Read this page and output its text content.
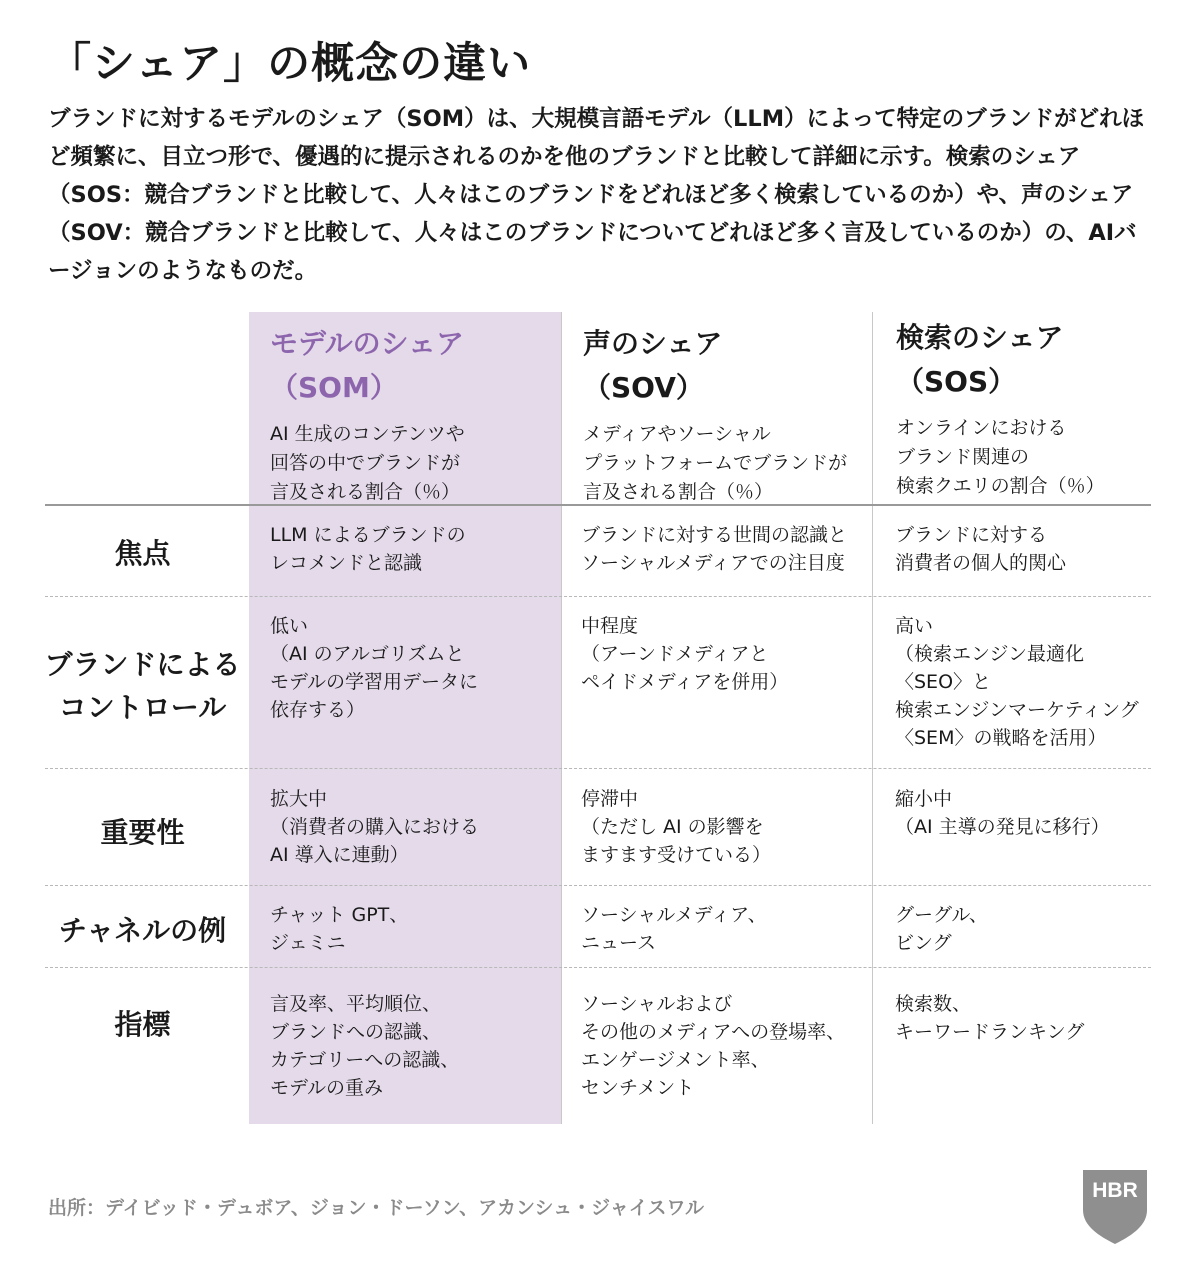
「シェア」の概念の違い

ブランドに対するモデルのシェア（SOM）は、大規模言語モデル（LLM）によって特定のブランドがどれほど頻繁に、目立つ形で、優遇的に提示されるのかを他のブランドと比較して詳細に示す。検索のシェア（SOS：競合ブランドと比較して、人々はこのブランドをどれほど多く検索しているのか）や、声のシェア（SOV：競合ブランドと比較して、人々はこのブランドについてどれほど多く言及しているのか）の、AIバージョンのようなものだ。

モデルのシェア

（SOM）

AI 生成のコンテンツや
回答の中でブランドが
言及される割合（％）

声のシェア

（SOV）

メディアやソーシャル
プラットフォームでブランドが
言及される割合（％）

検索のシェア

（SOS）

オンラインにおける
ブランド関連の
検索クエリの割合（％）

焦点
LLM によるブランドの
レコメンドと認識
ブランドに対する世間の認識と
ソーシャルメディアでの注目度
ブランドに対する
消費者の個人的関心
ブランドによる
コントロール
低い
（AI のアルゴリズムと
モデルの学習用データに
依存する）
中程度
（アーンドメディアと
ペイドメディアを併用）
高い
（検索エンジン最適化
〈SEO〉と
検索エンジンマーケティング
〈SEM〉の戦略を活用）
重要性
拡大中
（消費者の購入における
AI 導入に連動）
停滞中
（ただし AI の影響を
ますます受けている）
縮小中
（AI 主導の発見に移行）
チャネルの例	チャット GPT、
ジェミニ
ソーシャルメディア、
ニュース
グーグル、
ビング
指標
言及率、平均順位、
ブランドへの認識、
カテゴリーへの認識、
モデルの重み
ソーシャルおよび
その他のメディアへの登場率、
エンゲージメント率、
センチメント
検索数、
キーワードランキング

出所：デイビッド・デュボア、ジョン・ドーソン、アカンシュ・ジャイスワル

HBR
